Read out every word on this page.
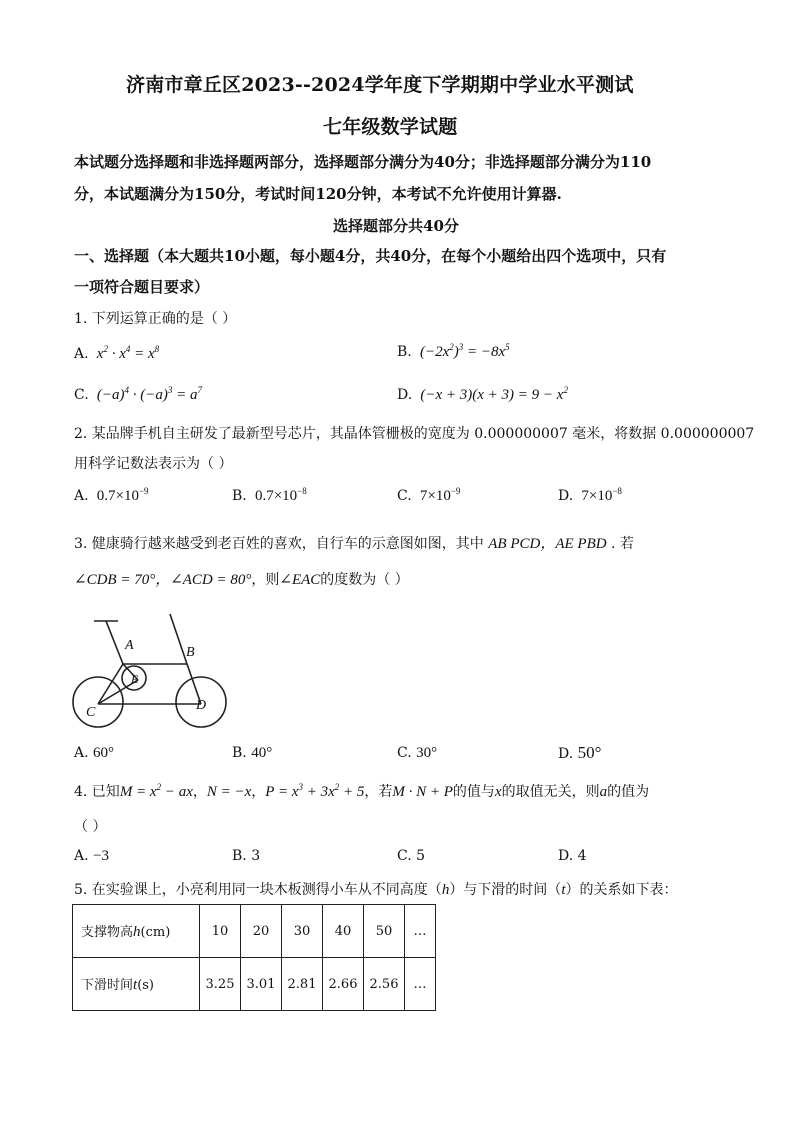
济南市章丘区2023--2024学年度下学期期中学业水平测试
七年级数学试题
本试题分选择题和非选择题两部分，选择题部分满分为40分；非选择题部分满分为110
分，本试题满分为150分，考试时间120分钟，本考试不允许使用计算器.
选择题部分共40分
一、选择题（本大题共10小题，每小题4分，共40分，在每个小题给出四个选项中，只有
一项符合题目要求）
1. 下列运算正确的是（ ）
A.  $x^2 \cdot x^4 = x^8$	B.  $(-2x^2)^3 = -8x^5$
C.  $(-a)^4 \cdot (-a)^3 = a^7$	D.  $(-x + 3)(x + 3) = 9 - x^2$
2. 某品牌手机自主研发了最新型号芯片，其晶体管栅极的宽度为 0.000000007 毫米，将数据 0.000000007
用科学记数法表示为（ ）
A.  $0.7\times 10^{-9}$	B.  $0.7\times 10^{-8}$	C.  $7\times 10^{-9}$	D.  $7\times 10^{-8}$
3. 健康骑行越来越受到老百姓的喜欢，自行车的示意图如图，其中 AB PCD，AE PBD . 若
∠CDB = 70°，∠ACD = 80°，则∠EAC的度数为（ ）
A	B
C	D
E
A. 60°	B. 40°	C. 30°	D. 50°
4. 已知$M = x^2$ − ax，N = −x，$P = x^3 + 3x^2 + 5$，若M · N + P的值与x的取值无关，则a的值为
（ ）
A. −3	B. 3	C. 5	D. 4
5. 在实验课上，小亮利用同一块木板测得小车从不同高度（h）与下滑的时间（t）的关系如下表：
支撑物高h(cm)	10	20	30	40	50	…
下滑时间t(s)	3.25	3.01	2.81	2.66	2.56	…
